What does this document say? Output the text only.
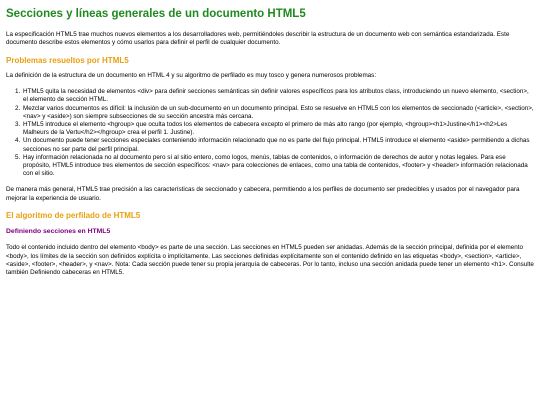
Secciones y líneas generales de un documento HTML5

La especificación HTML5 trae muchos nuevos elementos a los desarrolladores web, permitiéndoles describir la estructura de un documento web con semántica estandarizada. Este documento describe estos elementos y cómo usarlos para definir el perfil de cualquier documento.

Problemas resueltos por HTML5

La definición de la estructura de un documento en HTML 4 y su algoritmo de perfilado es muy tosco y genera numerosos problemas:

1. HTML5 quita la necesidad de elementos <div> para definir secciones semánticas sin definir valores específicos para los atributos class, introduciendo un nuevo elemento, <section>, el elemento de sección HTML.
2. Mezclar varios documentos es difícil: la inclusión de un sub-documento en un documento principal. Esto se resuelve en HTML5 con los elementos de seccionado (<article>, <section>, <nav> y <aside>) son siempre subsecciones de su sección ancestra más cercana.
3. HTML5 introduce el elemento <hgroup> que oculta todos los elementos de cabecera excepto el primero de más alto rango (por ejemplo, <hgroup><h1>Justine</h1><h2>Les Malheurs de la Vertu</h2></hgroup> crea el perfil 1. Justine).
4. Un documento puede tener secciones especiales conteniendo información relacionado que no es parte del flujo principal. HTML5 introduce el elemento <aside> permitiendo a dichas secciones no ser parte del perfil principal.
5. Hay información relacionada no al documento pero sí al sitio entero, como logos, menús, tablas de contenidos, o información de derechos de autor y notas legales. Para ese propósito, HTML5 introduce tres elementos de sección específicos: <nav> para colecciones de enlaces, como una tabla de contenidos, <footer> y <header> información relacionada con el sitio.

De manera más general, HTML5 trae precisión a las características de seccionado y cabecera, permitiendo a los perfiles de documento ser predecibles y usados por el navegador para mejorar la experiencia de usuario.

El algoritmo de perfilado de HTML5
Definiendo secciones en HTML5

Todo el contenido incluido dentro del elemento <body> es parte de una sección. Las secciones en HTML5 pueden ser anidadas. Además de la sección principal, definida por el elemento <body>, los límites de la sección son definidos explícita o implícitamente. Las secciones definidas explícitamente son el contenido definido en las etiquetas <body>, <section>, <article>, <aside>, <footer>, <header>, y <nav>. Nota: Cada sección puede tener su propia jerarquía de cabeceras. Por lo tanto, incluso una sección anidada puede tener un elemento <h1>. Consulte también Definiendo cabeceras en HTML5.
